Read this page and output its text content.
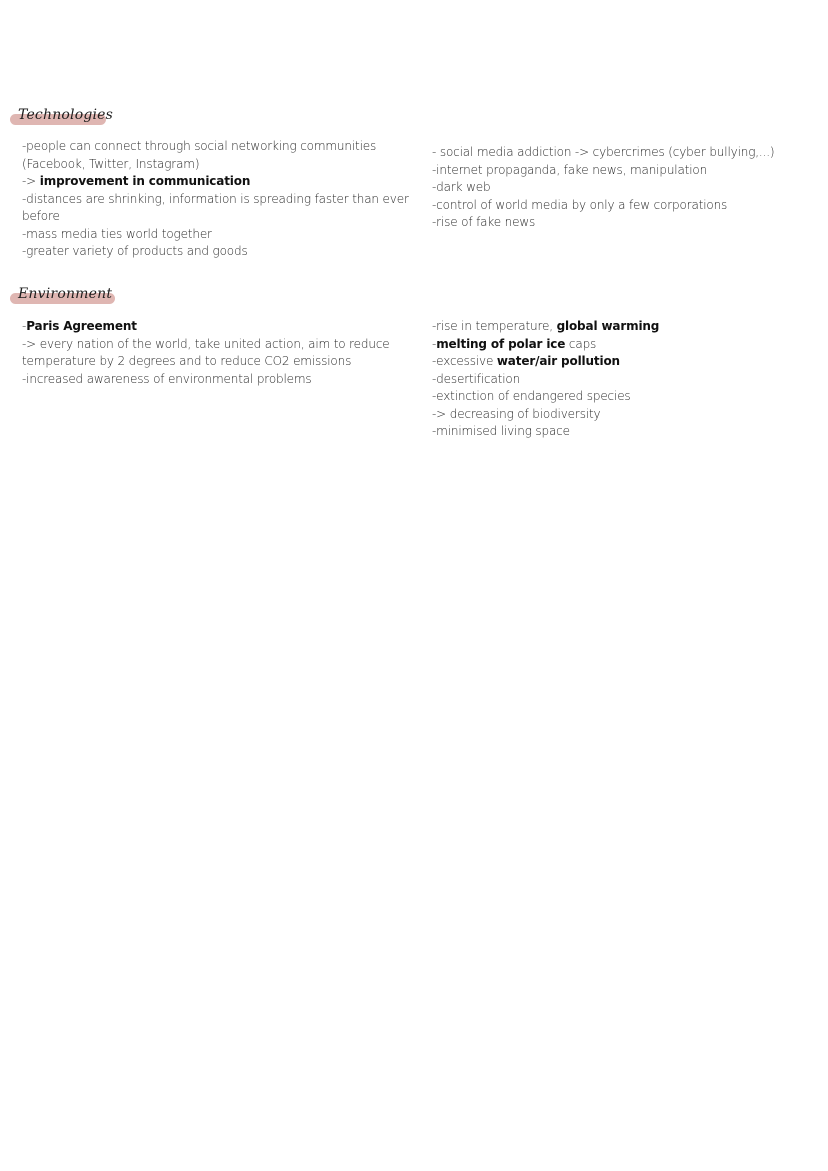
Technologies

-people can connect through social networking communities

(Facebook, Twitter, Instagram)

-> improvement in communication

-distances are shrinking, information is spreading faster than ever

before

-mass media ties world together

-greater variety of products and goods

- social media addiction -> cybercrimes (cyber bullying,...)

-internet propaganda, fake news, manipulation

-dark web

-control of world media by only a few corporations

-rise of fake news

Environment

-Paris Agreement

-> every nation of the world, take united action, aim to reduce

temperature by 2 degrees and to reduce CO2 emissions

-increased awareness of environmental problems

-rise in temperature, global warming

-melting of polar ice caps

-excessive water/air pollution

-desertification

-extinction of endangered species

-> decreasing of biodiversity

-minimised living space
